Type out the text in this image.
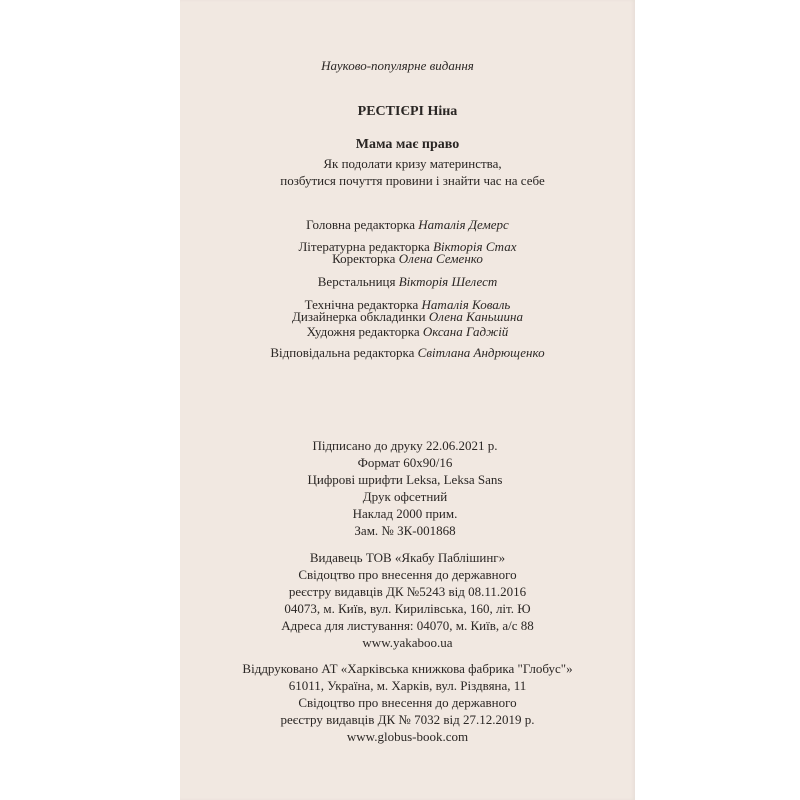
Науково-популярне видання
РЕСТІЄРІ Ніна
Мама має право
Як подолати кризу материнства,
позбутися почуття провини і знайти час на себе
Головна редакторка Наталія Демерс
Літературна редакторка Вікторія Стах
Коректорка Олена Семенко
Верстальниця Вікторія Шелест
Технічна редакторка Наталія Коваль
Дизайнерка обкладинки Олена Каньшина
Художня редакторка Оксана Гаджій
Відповідальна редакторка Світлана Андрющенко
Підписано до друку 22.06.2021 р.
Формат 60х90/16
Цифрові шрифти Leksa, Leksa Sans
Друк офсетний
Наклад 2000 прим.
Зам. № ЗК-001868
Видавець ТОВ «Якабу Паблішинг»
Свідоцтво про внесення до державного
реєстру видавців ДК №5243 від 08.11.2016
04073, м. Київ, вул. Кирилівська, 160, літ. Ю
Адреса для листування: 04070, м. Київ, а/с 88
www.yakaboo.ua
Віддруковано АТ «Харківська книжкова фабрика "Глобус"»
61011, Україна, м. Харків, вул. Різдвяна, 11
Свідоцтво про внесення до державного
реєстру видавців ДК № 7032 від 27.12.2019 р.
www.globus-book.com
